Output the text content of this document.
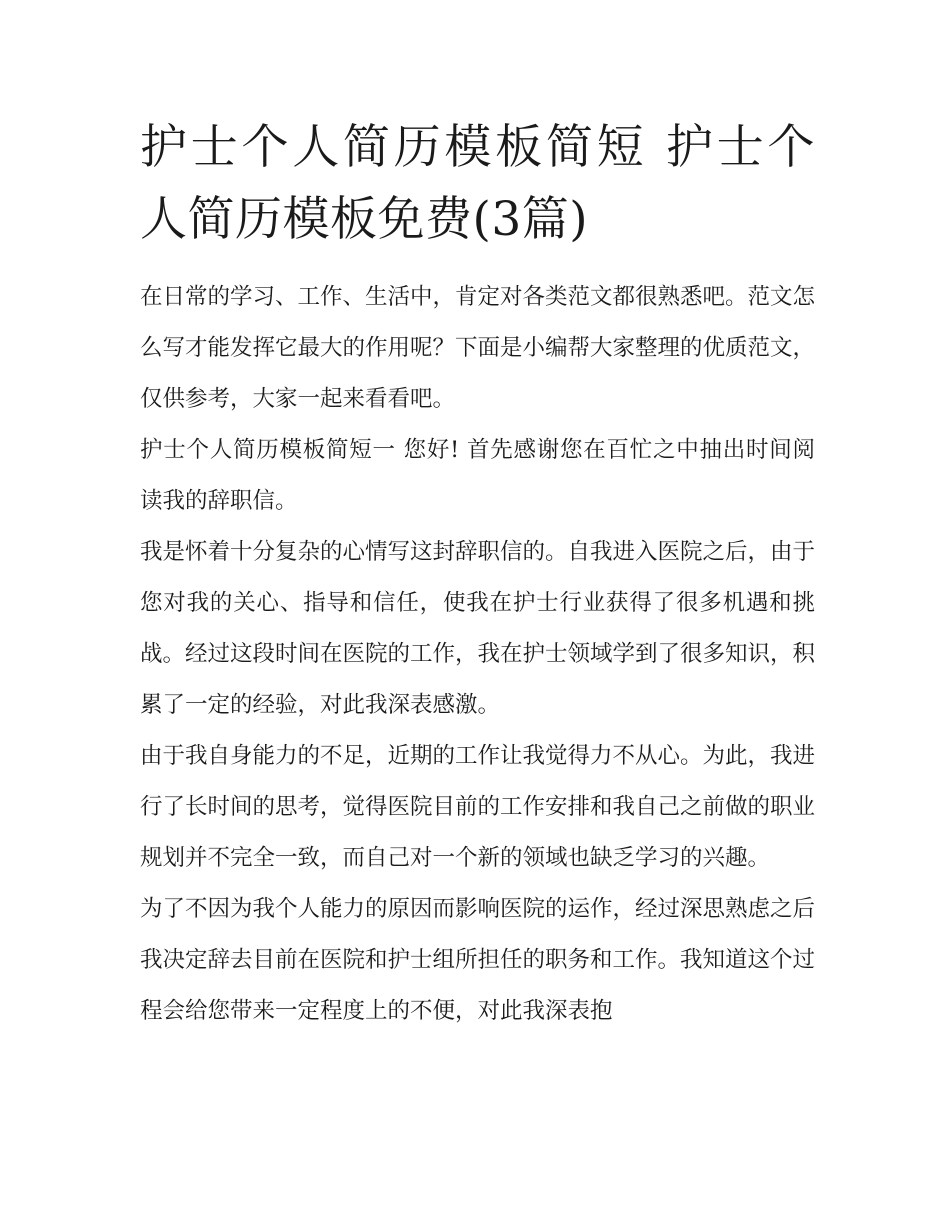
护士个人简历模板简短 护士个人简历模板免费(3篇)

在日常的学习、工作、生活中，肯定对各类范文都很熟悉吧。范文怎么写才能发挥它最大的作用呢？下面是小编帮大家整理的优质范文，仅供参考，大家一起来看看吧。

护士个人简历模板简短一 您好! 首先感谢您在百忙之中抽出时间阅读我的辞职信。

我是怀着十分复杂的心情写这封辞职信的。自我进入医院之后，由于您对我的关心、指导和信任，使我在护士行业获得了很多机遇和挑战。经过这段时间在医院的工作，我在护士领域学到了很多知识，积累了一定的经验，对此我深表感激。

由于我自身能力的不足，近期的工作让我觉得力不从心。为此，我进行了长时间的思考，觉得医院目前的工作安排和我自己之前做的职业规划并不完全一致，而自己对一个新的领域也缺乏学习的兴趣。

为了不因为我个人能力的原因而影响医院的运作，经过深思熟虑之后我决定辞去目前在医院和护士组所担任的职务和工作。我知道这个过程会给您带来一定程度上的不便，对此我深表抱
